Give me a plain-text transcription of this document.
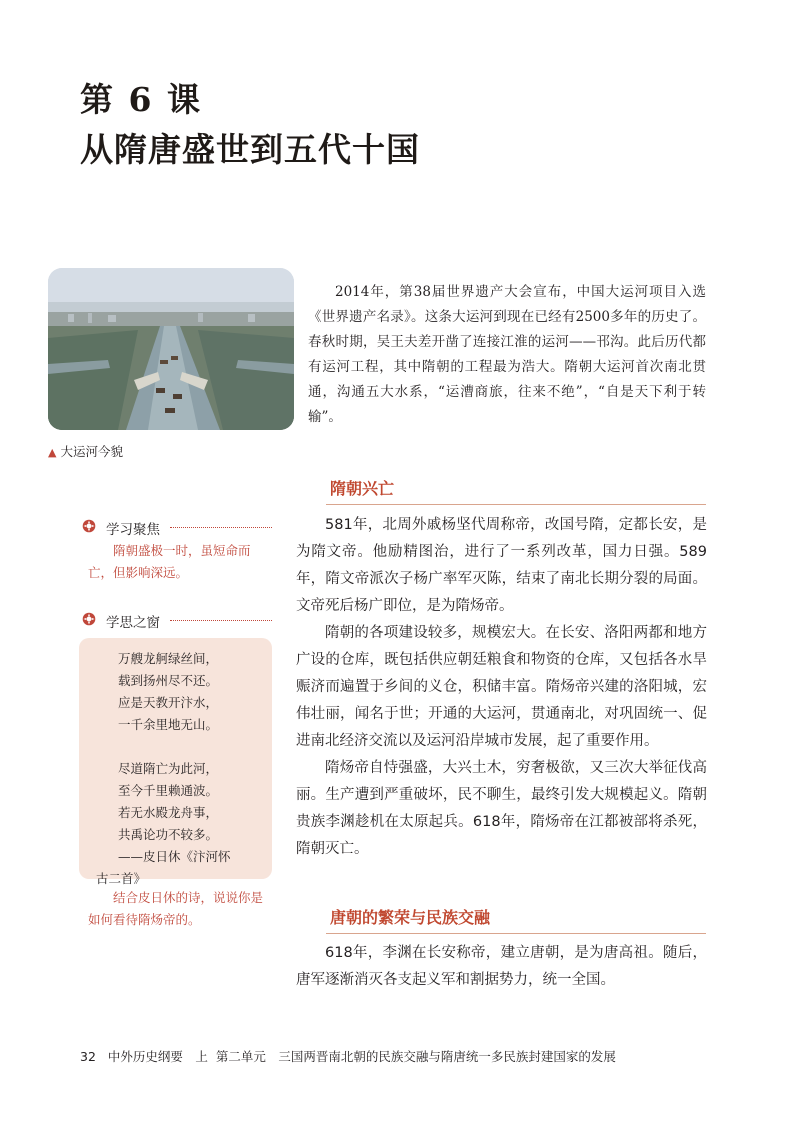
第 6 课
从隋唐盛世到五代十国
▲ 大运河今貌

2014年，第38届世界遗产大会宣布，中国大运河项目入选《世界遗产名录》。这条大运河到现在已经有2500多年的历史了。春秋时期，吴王夫差开凿了连接江淮的运河——邗沟。此后历代都有运河工程，其中隋朝的工程最为浩大。隋朝大运河首次南北贯通，沟通五大水系，“运漕商旅，往来不绝”，“自是天下利于转输”。

隋朝兴亡
学习聚焦

隋朝盛极一时，虽短命而亡，但影响深远。

学思之窗
万艘龙舸绿丝间，
载到扬州尽不还。
应是天教开汴水，
一千余里地无山。
尽道隋亡为此河，
至今千里赖通波。
若无水殿龙舟事，
共禹论功不较多。
——皮日休《汴河怀
古二首》

结合皮日休的诗，说说你是如何看待隋炀帝的。

581年，北周外戚杨坚代周称帝，改国号隋，定都长安，是为隋文帝。他励精图治，进行了一系列改革，国力日强。589年，隋文帝派次子杨广率军灭陈，结束了南北长期分裂的局面。文帝死后杨广即位，是为隋炀帝。

隋朝的各项建设较多，规模宏大。在长安、洛阳两都和地方广设的仓库，既包括供应朝廷粮食和物资的仓库，又包括各水旱赈济而遍置于乡间的义仓，积储丰富。隋炀帝兴建的洛阳城，宏伟壮丽，闻名于世；开通的大运河，贯通南北，对巩固统一、促进南北经济交流以及运河沿岸城市发展，起了重要作用。

隋炀帝自恃强盛，大兴土木，穷奢极欲，又三次大举征伐高丽。生产遭到严重破坏，民不聊生，最终引发大规模起义。隋朝贵族李渊趁机在太原起兵。618年，隋炀帝在江都被部将杀死，隋朝灭亡。

唐朝的繁荣与民族交融

618年，李渊在长安称帝，建立唐朝，是为唐高祖。随后，唐军逐渐消灭各支起义军和割据势力，统一全国。

32 中外历史纲要　上 第二单元　三国两晋南北朝的民族交融与隋唐统一多民族封建国家的发展
